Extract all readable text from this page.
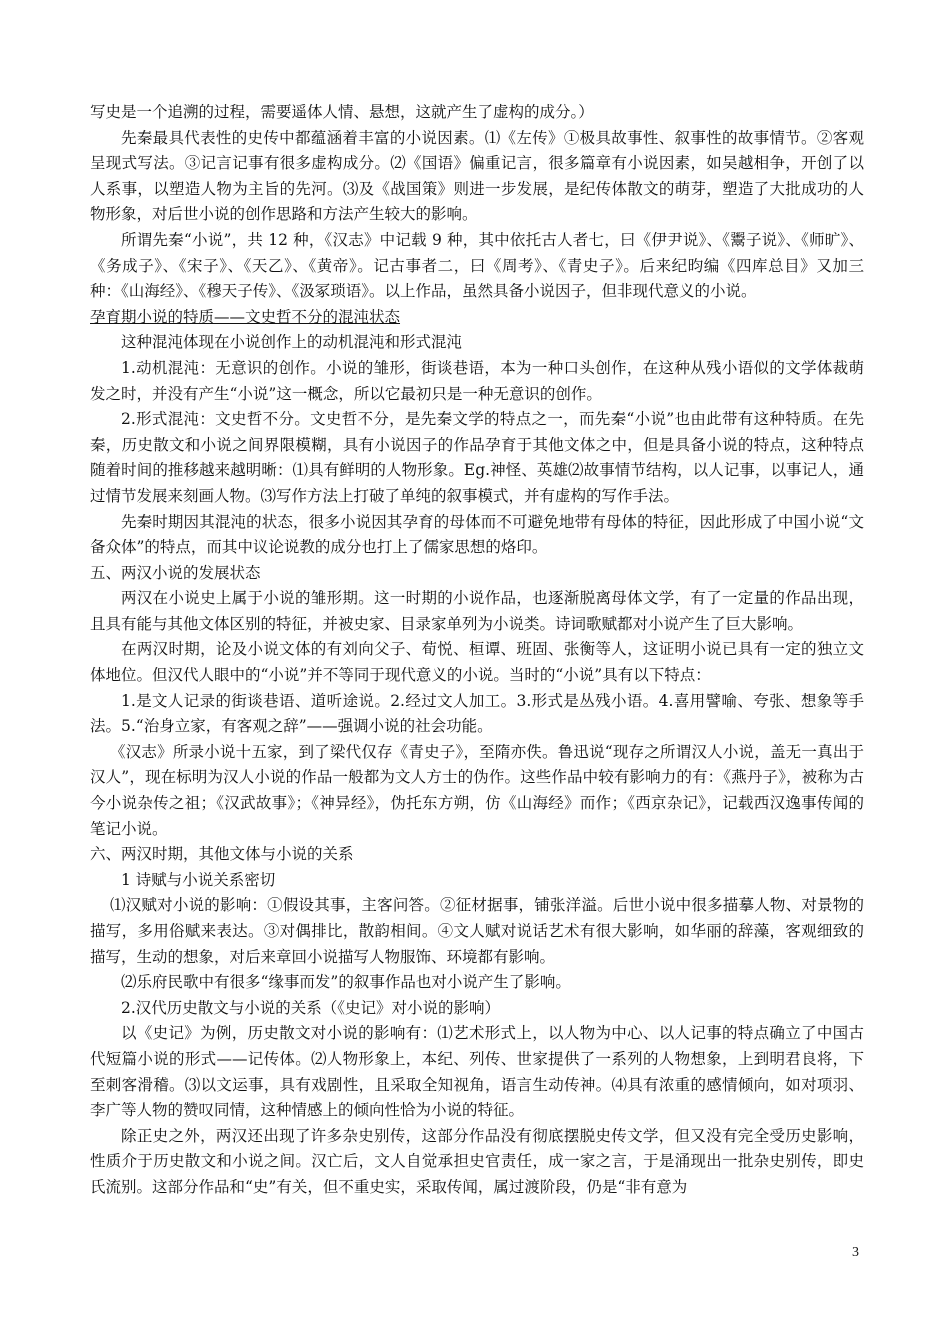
写史是一个追溯的过程，需要遥体人情、悬想，这就产生了虚构的成分。）

先秦最具代表性的史传中都蕴涵着丰富的小说因素。⑴《左传》①极具故事性、叙事性的故事情节。②客观呈现式写法。③记言记事有很多虚构成分。⑵《国语》偏重记言，很多篇章有小说因素，如吴越相争，开创了以人系事，以塑造人物为主旨的先河。⑶及《战国策》则进一步发展，是纪传体散文的萌芽，塑造了大批成功的人物形象，对后世小说的创作思路和方法产生较大的影响。

所谓先秦“小说”，共 12 种，《汉志》中记载 9 种，其中依托古人者七，曰《伊尹说》、《鬻子说》、《师旷》、《务成子》、《宋子》、《天乙》、《黄帝》。记古事者二，曰《周考》、《青史子》。后来纪昀编《四库总目》又加三种：《山海经》、《穆天子传》、《汲冢琐语》。以上作品，虽然具备小说因子，但非现代意义的小说。

孕育期小说的特质——文史哲不分的混沌状态

这种混沌体现在小说创作上的动机混沌和形式混沌

1.动机混沌：无意识的创作。小说的雏形，街谈巷语，本为一种口头创作，在这种从残小语似的文学体裁萌发之时，并没有产生“小说”这一概念，所以它最初只是一种无意识的创作。

2.形式混沌：文史哲不分。文史哲不分，是先秦文学的特点之一，而先秦“小说”也由此带有这种特质。在先秦，历史散文和小说之间界限模糊，具有小说因子的作品孕育于其他文体之中，但是具备小说的特点，这种特点随着时间的推移越来越明晰：⑴具有鲜明的人物形象。Eg.神怪、英雄⑵故事情节结构，以人记事，以事记人，通过情节发展来刻画人物。⑶写作方法上打破了单纯的叙事模式，并有虚构的写作手法。

先秦时期因其混沌的状态，很多小说因其孕育的母体而不可避免地带有母体的特征，因此形成了中国小说“文备众体”的特点，而其中议论说教的成分也打上了儒家思想的烙印。

五、两汉小说的发展状态

两汉在小说史上属于小说的雏形期。这一时期的小说作品，也逐渐脱离母体文学，有了一定量的作品出现，且具有能与其他文体区别的特征，并被史家、目录家单列为小说类。诗词歌赋都对小说产生了巨大影响。

在两汉时期，论及小说文体的有刘向父子、荀悦、桓谭、班固、张衡等人，这证明小说已具有一定的独立文体地位。但汉代人眼中的“小说”并不等同于现代意义的小说。当时的“小说”具有以下特点：

1.是文人记录的街谈巷语、道听途说。2.经过文人加工。3.形式是丛残小语。4.喜用譬喻、夸张、想象等手法。5.“治身立家，有客观之辞”——强调小说的社会功能。

《汉志》所录小说十五家，到了梁代仅存《青史子》，至隋亦佚。鲁迅说“现存之所谓汉人小说，盖无一真出于汉人”，现在标明为汉人小说的作品一般都为文人方士的伪作。这些作品中较有影响力的有：《燕丹子》，被称为古今小说杂传之祖；《汉武故事》；《神异经》，伪托东方朔，仿《山海经》而作；《西京杂记》，记载西汉逸事传闻的笔记小说。

六、两汉时期，其他文体与小说的关系

1 诗赋与小说关系密切

⑴汉赋对小说的影响：①假设其事，主客问答。②征材据事，铺张洋溢。后世小说中很多描摹人物、对景物的描写，多用俗赋来表达。③对偶排比，散韵相间。④文人赋对说话艺术有很大影响，如华丽的辞藻，客观细致的描写，生动的想象，对后来章回小说描写人物服饰、环境都有影响。

⑵乐府民歌中有很多“缘事而发”的叙事作品也对小说产生了影响。

2.汉代历史散文与小说的关系（《史记》对小说的影响）

以《史记》为例，历史散文对小说的影响有：⑴艺术形式上，以人物为中心、以人记事的特点确立了中国古代短篇小说的形式——记传体。⑵人物形象上，本纪、列传、世家提供了一系列的人物想象，上到明君良将，下至刺客滑稽。⑶以文运事，具有戏剧性，且采取全知视角，语言生动传神。⑷具有浓重的感情倾向，如对项羽、李广等人物的赞叹同情，这种情感上的倾向性恰为小说的特征。

除正史之外，两汉还出现了许多杂史别传，这部分作品没有彻底摆脱史传文学，但又没有完全受历史影响，性质介于历史散文和小说之间。汉亡后，文人自觉承担史官责任，成一家之言，于是涌现出一批杂史别传，即史氏流别。这部分作品和“史”有关，但不重史实，采取传闻，属过渡阶段，仍是“非有意为

3
